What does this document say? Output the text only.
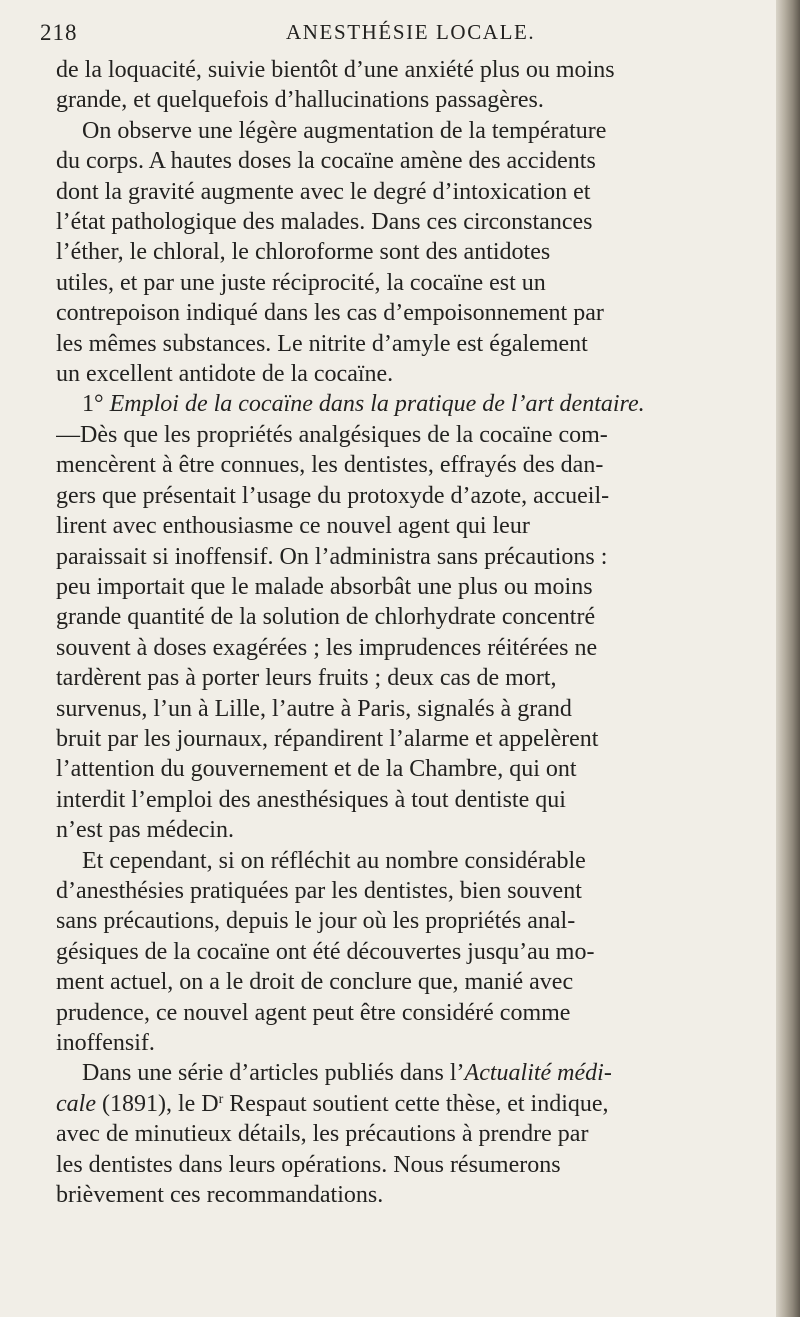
218	ANESTHÉSIE LOCALE.
de la loquacité, suivie bientôt d’une anxiété plus ou moins
grande, et quelquefois d’hallucinations passagères.
On observe une légère augmentation de la température
du corps. A hautes doses la cocaïne amène des accidents
dont la gravité augmente avec le degré d’intoxication et
l’état pathologique des malades. Dans ces circonstances
l’éther, le chloral, le chloroforme sont des antidotes
utiles, et par une juste réciprocité, la cocaïne est un
contrepoison indiqué dans les cas d’empoisonnement par
les mêmes substances. Le nitrite d’amyle est également
un excellent antidote de la cocaïne.
1° Emploi de la cocaïne dans la pratique de l’art dentaire.
—Dès que les propriétés analgésiques de la cocaïne com-
mencèrent à être connues, les dentistes, effrayés des dan-
gers que présentait l’usage du protoxyde d’azote, accueil-
lirent avec enthousiasme ce nouvel agent qui leur
paraissait si inoffensif. On l’administra sans précautions :
peu importait que le malade absorbât une plus ou moins
grande quantité de la solution de chlorhydrate concentré
souvent à doses exagérées ; les imprudences réitérées ne
tardèrent pas à porter leurs fruits ; deux cas de mort,
survenus, l’un à Lille, l’autre à Paris, signalés à grand
bruit par les journaux, répandirent l’alarme et appelèrent
l’attention du gouvernement et de la Chambre, qui ont
interdit l’emploi des anesthésiques à tout dentiste qui
n’est pas médecin.
Et cependant, si on réfléchit au nombre considérable
d’anesthésies pratiquées par les dentistes, bien souvent
sans précautions, depuis le jour où les propriétés anal-
gésiques de la cocaïne ont été découvertes jusqu’au mo-
ment actuel, on a le droit de conclure que, manié avec
prudence, ce nouvel agent peut être considéré comme
inoffensif.
Dans une série d’articles publiés dans l’Actualité médi-
cale (1891), le $D^r$ Respaut soutient cette thèse, et indique,
avec de minutieux détails, les précautions à prendre par
les dentistes dans leurs opérations. Nous résumerons
brièvement ces recommandations.
